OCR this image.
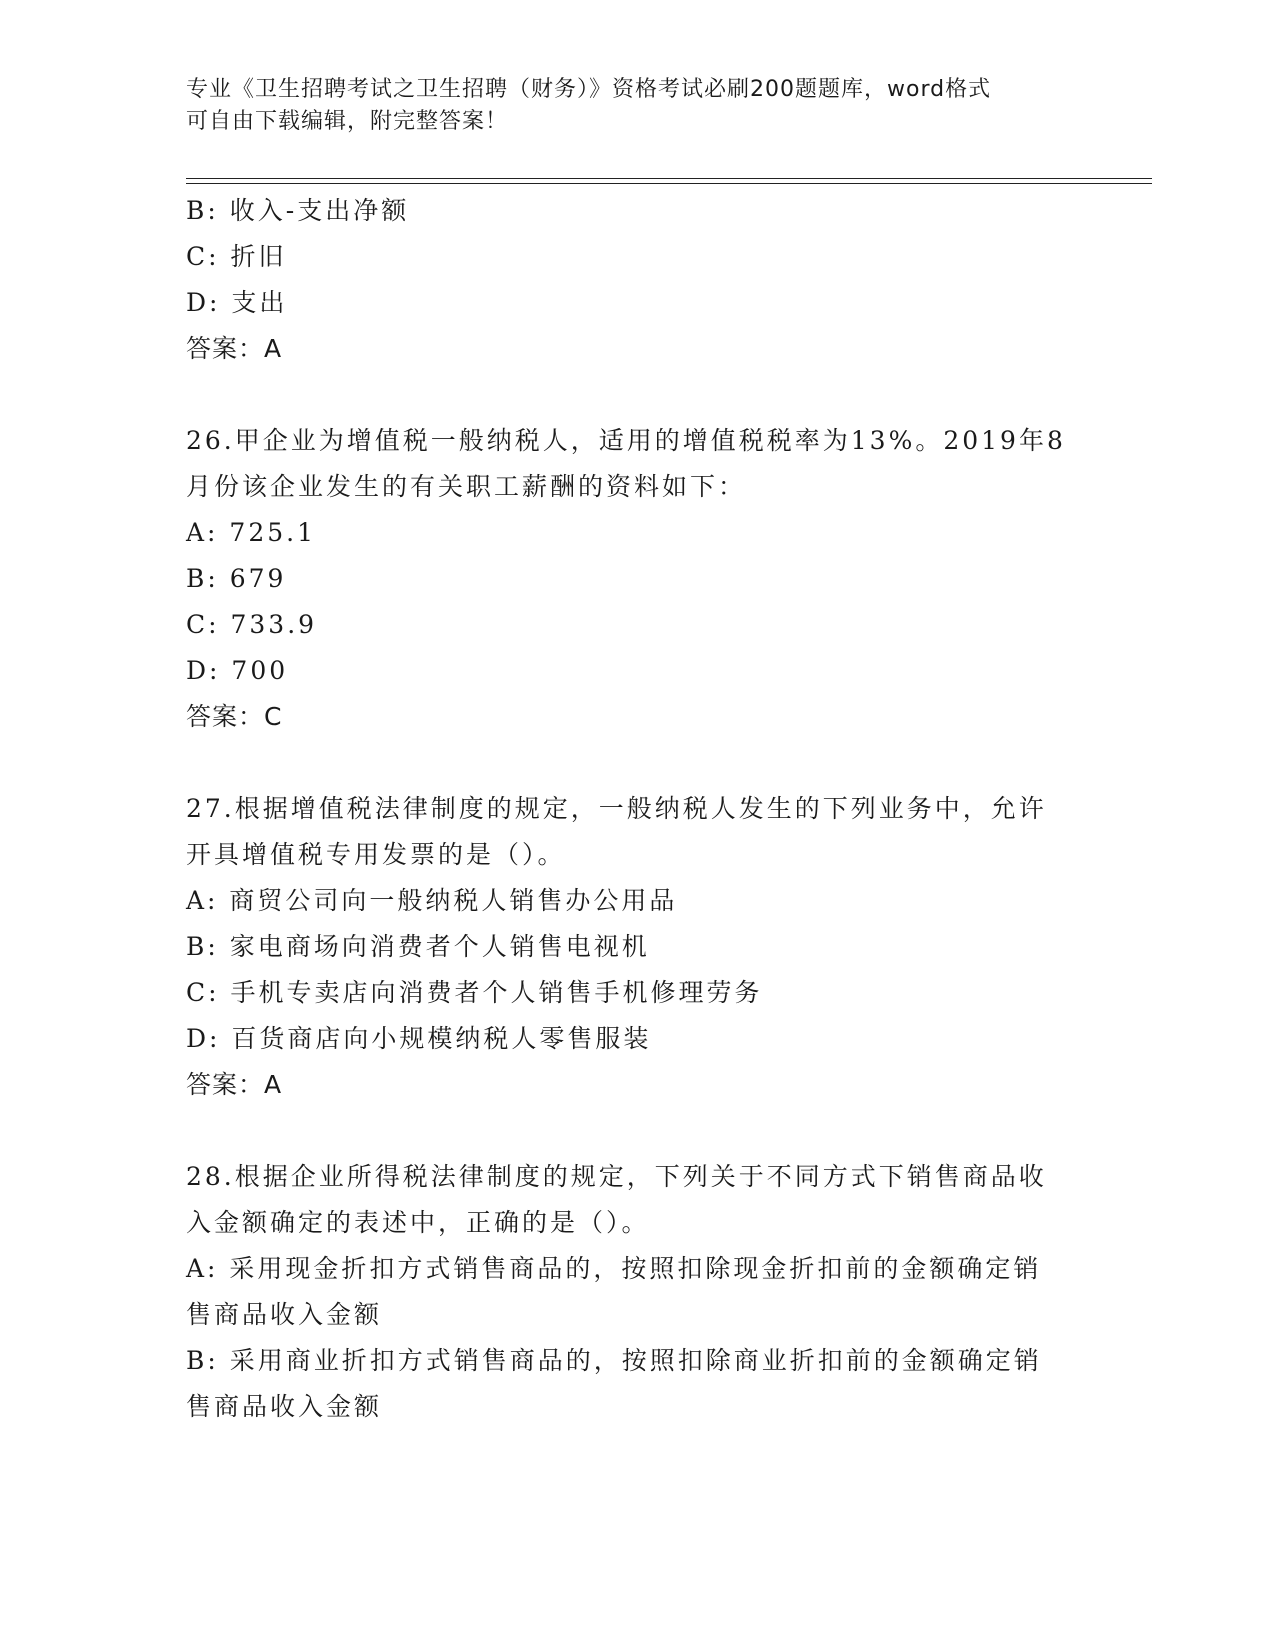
专业《卫生招聘考试之卫生招聘（财务）》资格考试必刷200题题库，word格式
可自由下载编辑，附完整答案！
B: 收入-支出净额
C: 折旧
D: 支出
答案：A
26.甲企业为增值税一般纳税人，适用的增值税税率为13%。2019年8
月份该企业发生的有关职工薪酬的资料如下：
A: 725.1
B: 679
C: 733.9
D: 700
答案：C
27.根据增值税法律制度的规定，一般纳税人发生的下列业务中，允许
开具增值税专用发票的是（）。
A: 商贸公司向一般纳税人销售办公用品
B: 家电商场向消费者个人销售电视机
C: 手机专卖店向消费者个人销售手机修理劳务
D: 百货商店向小规模纳税人零售服装
答案：A
28.根据企业所得税法律制度的规定，下列关于不同方式下销售商品收
入金额确定的表述中，正确的是（）。
A: 采用现金折扣方式销售商品的，按照扣除现金折扣前的金额确定销
售商品收入金额
B: 采用商业折扣方式销售商品的，按照扣除商业折扣前的金额确定销
售商品收入金额
